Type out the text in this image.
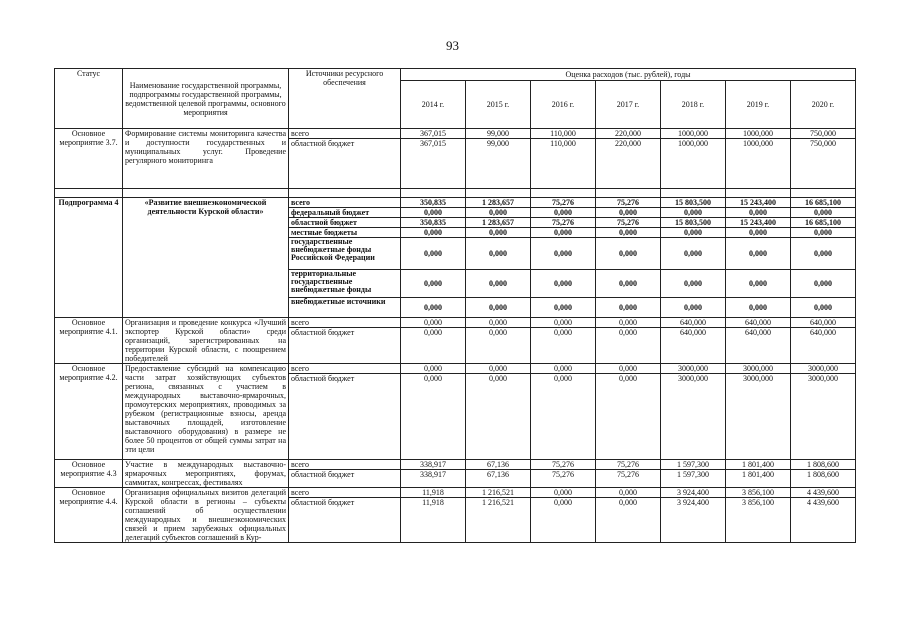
93
Статус	Наименование государственной программы, подпрограммы государственной программы, ведомственной целевой программы, основного мероприятия	Источники ресурсного обеспечения	Оценка расходов (тыс. рублей), годы						
			2014 г.	2015 г.	2016 г.	2017 г.	2018 г.	2019 г.	2020 г.
Основное мероприятие 3.7.	Формирование системы мониторинга качества и доступности государственных и муниципальных услуг. Проведение регулярного мониторинга	всего	367,015	99,000	110,000	220,000	1000,000	1000,000	750,000
		областной бюджет	367,015	99,000	110,000	220,000	1000,000	1000,000	750,000

Подпрограмма 4	«Развитие внешнеэкономической деятельности Курской области»	всего	350,835	1 283,657	75,276	75,276	15 803,500	15 243,400	16 685,100
		федеральный бюджет	0,000	0,000	0,000	0,000	0,000	0,000	0,000
		областной бюджет	350,835	1 283,657	75,276	75,276	15 803,500	15 243,400	16 685,100
		местные бюджеты	0,000	0,000	0,000	0,000	0,000	0,000	0,000
		государственные внебюджетные фонды Российской Федерации	0,000	0,000	0,000	0,000	0,000	0,000	0,000
		территориальные государственные внебюджетные фонды	0,000	0,000	0,000	0,000	0,000	0,000	0,000
		внебюджетные источники	0,000	0,000	0,000	0,000	0,000	0,000	0,000
Основное мероприятие 4.1.	Организация и проведение конкурса «Лучший экспортер Курской области» среди организаций, зарегистрированных на территории Курской области, с поощрением победителей	всего	0,000	0,000	0,000	0,000	640,000	640,000	640,000
		областной бюджет	0,000	0,000	0,000	0,000	640,000	640,000	640,000
Основное мероприятие 4.2.	Предоставление субсидий на компенсацию части затрат хозяйствующих субъектов региона, связанных с участием в международных выставочно-ярмарочных, промоутерских мероприятиях, проводимых за рубежом (регистрационные взносы, аренда выставочных площадей, изготовление выставочного оборудования) в размере не более 50 процентов от общей суммы затрат на эти цели	всего	0,000	0,000	0,000	0,000	3000,000	3000,000	3000,000
		областной бюджет	0,000	0,000	0,000	0,000	3000,000	3000,000	3000,000
Основное мероприятие 4.3	Участие в международных выставочно-ярмарочных мероприятиях, форумах, саммитах, конгрессах, фестивалях	всего	338,917	67,136	75,276	75,276	1 597,300	1 801,400	1 808,600
		областной бюджет	338,917	67,136	75,276	75,276	1 597,300	1 801,400	1 808,600
Основное мероприятие 4.4.	Организация официальных визитов делегаций Курской области в регионы – субъекты соглашений об осуществлении международных и внешнеэкономических связей и прием зарубежных официальных делегаций субъектов соглашений в Кур-	всего	11,918	1 216,521	0,000	0,000	3 924,400	3 856,100	4 439,600
		областной бюджет	11,918	1 216,521	0,000	0,000	3 924,400	3 856,100	4 439,600
